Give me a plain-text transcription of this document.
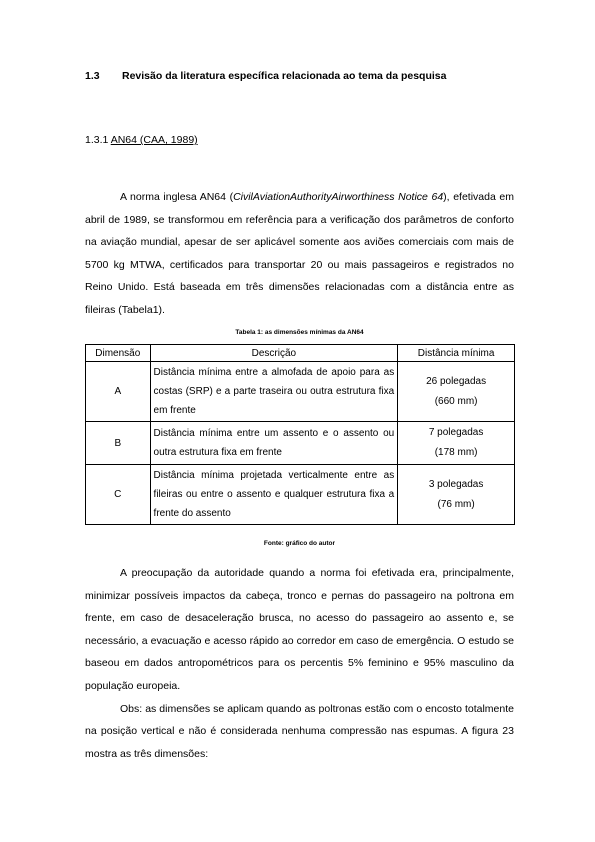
1.3 Revisão da literatura específica relacionada ao tema da pesquisa
1.3.1 AN64 (CAA, 1989)

A norma inglesa AN64 (CivilAviationAuthorityAirworthiness Notice 64), efetivada em abril de 1989, se transformou em referência para a verificação dos parâmetros de conforto na aviação mundial, apesar de ser aplicável somente aos aviões comerciais com mais de 5700 kg MTWA, certificados para transportar 20 ou mais passageiros e registrados no Reino Unido. Está baseada em três dimensões relacionadas com a distância entre as fileiras (Tabela1).

Tabela 1: as dimensões mínimas da AN64
Dimensão	Descrição	Distância mínima
A	Distância mínima entre a almofada de apoio para as costas (SRP) e a parte traseira ou outra estrutura fixa em frente	26 polegadas
(660 mm)
B	Distância mínima entre um assento e o assento ou outra estrutura fixa em frente	7 polegadas
(178 mm)
C	Distância mínima projetada verticalmente entre as fileiras ou entre o assento e qualquer estrutura fixa a frente do assento	3 polegadas
(76 mm)
Fonte: gráfico do autor

A preocupação da autoridade quando a norma foi efetivada era, principalmente, minimizar possíveis impactos da cabeça, tronco e pernas do passageiro na poltrona em frente, em caso de desaceleração brusca, no acesso do passageiro ao assento e, se necessário, a evacuação e acesso rápido ao corredor em caso de emergência. O estudo se baseou em dados antropométricos para os percentis 5% feminino e 95% masculino da população europeia.

Obs: as dimensões se aplicam quando as poltronas estão com o encosto totalmente na posição vertical e não é considerada nenhuma compressão nas espumas. A figura 23 mostra as três dimensões:
